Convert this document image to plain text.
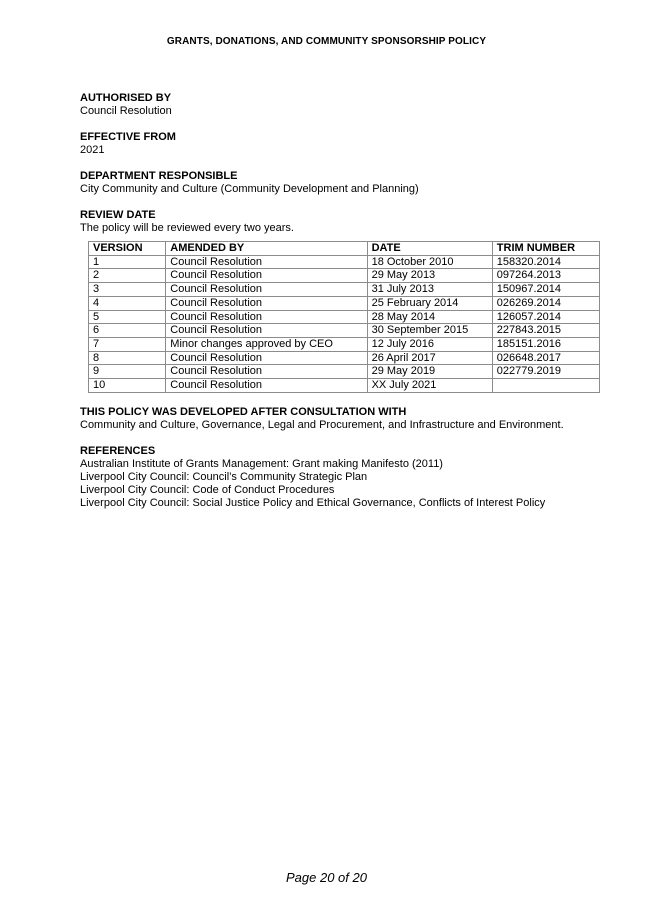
GRANTS, DONATIONS, AND COMMUNITY SPONSORSHIP POLICY
AUTHORISED BY
Council Resolution
EFFECTIVE FROM
2021
DEPARTMENT RESPONSIBLE
City Community and Culture (Community Development and Planning)
REVIEW DATE
The policy will be reviewed every two years.
VERSION	AMENDED BY	DATE	TRIM NUMBER
1	Council Resolution	18 October 2010	158320.2014
2	Council Resolution	29 May 2013	097264.2013
3	Council Resolution	31 July 2013	150967.2014
4	Council Resolution	25 February 2014	026269.2014
5	Council Resolution	28 May 2014	126057.2014
6	Council Resolution	30 September 2015	227843.2015
7	Minor changes approved by CEO	12 July 2016	185151.2016
8	Council Resolution	26 April 2017	026648.2017
9	Council Resolution	29 May 2019	022779.2019
10	Council Resolution	XX July 2021	
THIS POLICY WAS DEVELOPED AFTER CONSULTATION WITH
Community and Culture, Governance, Legal and Procurement, and Infrastructure and Environment.
REFERENCES
Australian Institute of Grants Management: Grant making Manifesto (2011)
Liverpool City Council: Council’s Community Strategic Plan
Liverpool City Council: Code of Conduct Procedures
Liverpool City Council: Social Justice Policy and Ethical Governance, Conflicts of Interest Policy
Page 20 of 20
